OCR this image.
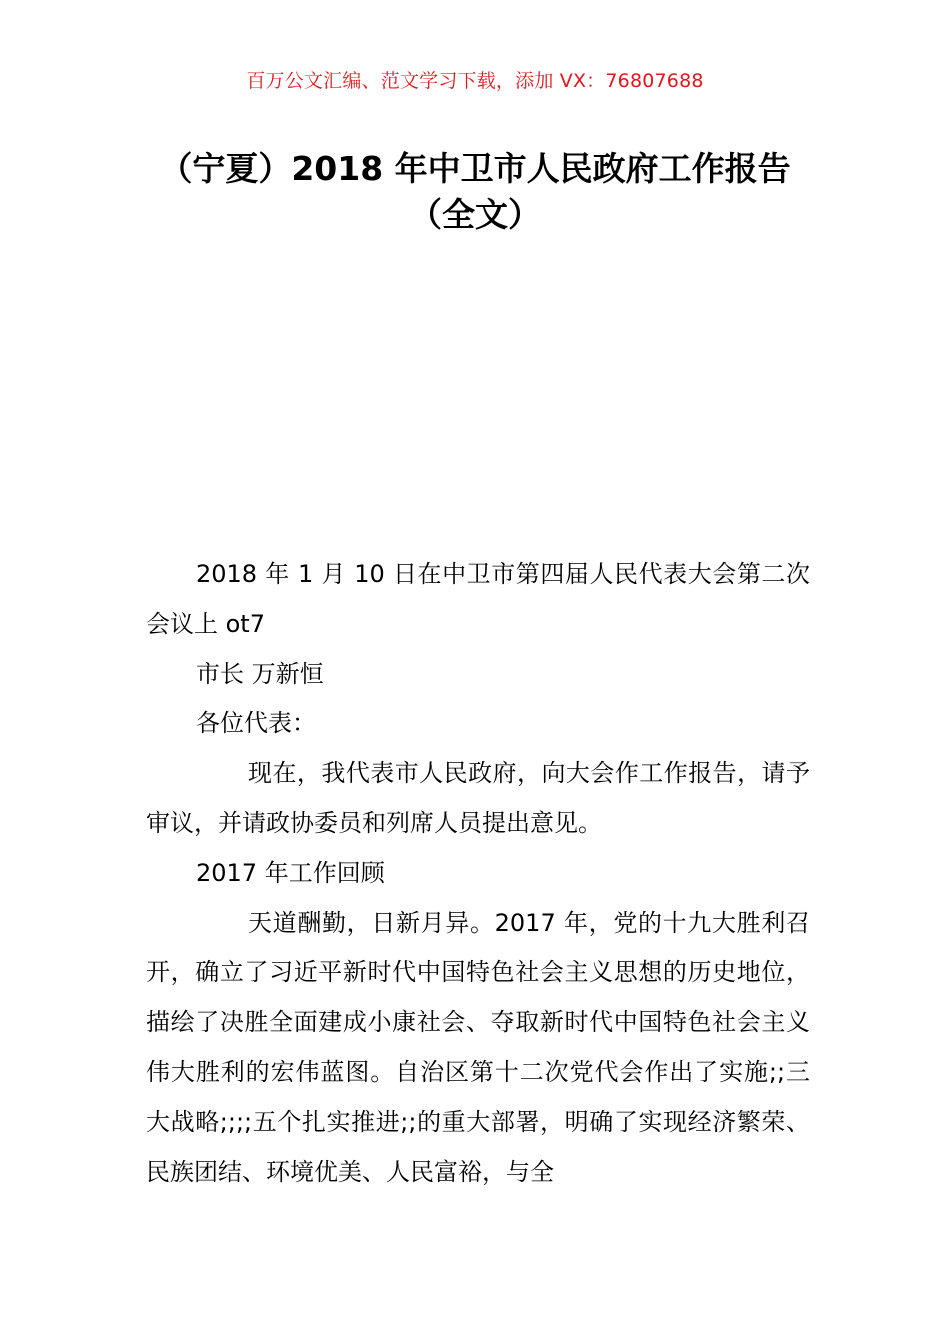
百万公文汇编、范文学习下载，添加 VX：76807688
（宁夏）2018 年中卫市人民政府工作报告
（全文）

2018 年 1 月 10 日在中卫市第四届人民代表大会第二次会议上 ot7

市长 万新恒

各位代表：

现在，我代表市人民政府，向大会作工作报告，请予审议，并请政协委员和列席人员提出意见。

2017 年工作回顾

天道酬勤，日新月异。2017 年，党的十九大胜利召开，确立了习近平新时代中国特色社会主义思想的历史地位，描绘了决胜全面建成小康社会、夺取新时代中国特色社会主义伟大胜利的宏伟蓝图。自治区第十二次党代会作出了实施;;三大战略;;;;五个扎实推进;;的重大部署，明确了实现经济繁荣、民族团结、环境优美、人民富裕，与全
